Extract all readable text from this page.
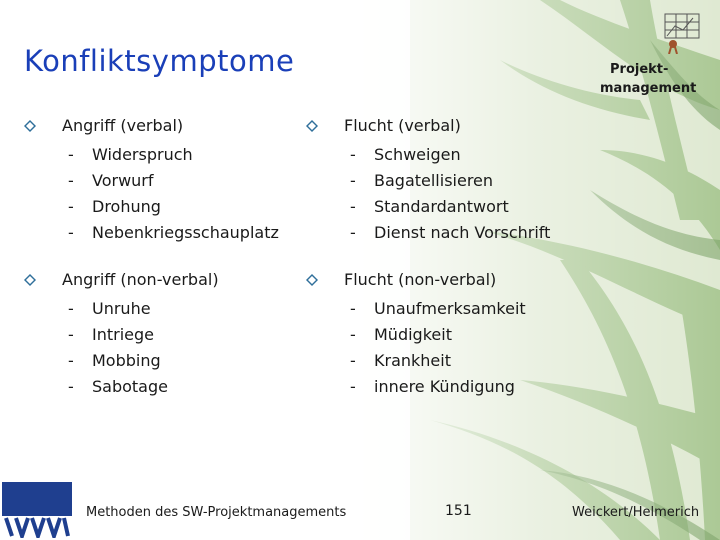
Konfliktsymptome	Projekt-
management
Angriff (verbal)
- Widerspruch
- Vorwurf
- Drohung
- Nebenkriegsschauplatz
Angriff (non-verbal)
- Unruhe
- Intriege
- Mobbing
- Sabotage
Flucht (verbal)
- Schweigen
- Bagatellisieren
- Standardantwort
- Dienst nach Vorschrift
Flucht (non-verbal)
- Unaufmerksamkeit
- Müdigkeit
- Krankheit
- innere Kündigung
Methoden des SW-Projektmanagements	151	Weickert/Helmerich
